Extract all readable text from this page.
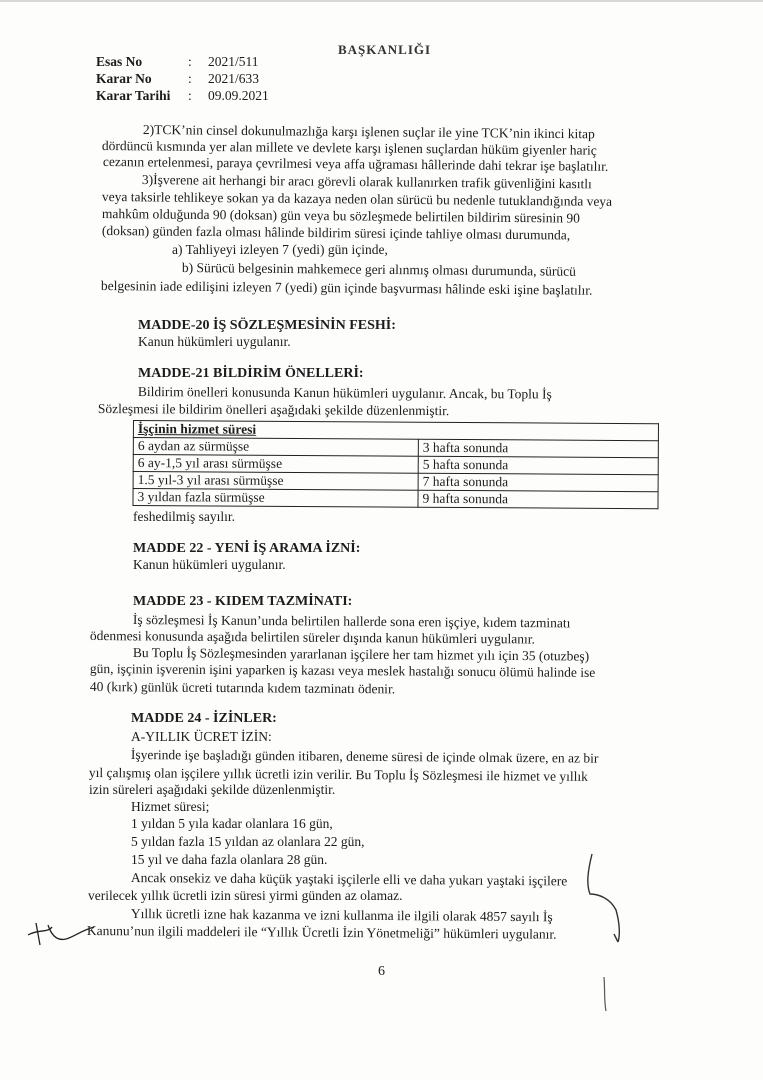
BAŞKANLIĞI
Esas No	: 2021/511
Karar No	: 2021/633
Karar Tarihi : 09.09.2021
2)TCK’nin cinsel dokunulmazlığa karşı işlenen suçlar ile yine TCK’nin ikinci kitap
dördüncü kısmında yer alan millete ve devlete karşı işlenen suçlardan hüküm giyenler hariç
cezanın ertelenmesi, paraya çevrilmesi veya affa uğraması hâllerinde dahi tekrar işe başlatılır.
3)İşverene ait herhangi bir aracı görevli olarak kullanırken trafik güvenliğini kasıtlı
veya taksirle tehlikeye sokan ya da kazaya neden olan sürücü bu nedenle tutuklandığında veya
mahkûm olduğunda 90 (doksan) gün veya bu sözleşmede belirtilen bildirim süresinin 90
(doksan) günden fazla olması hâlinde bildirim süresi içinde tahliye olması durumunda,
a) Tahliyeyi izleyen 7 (yedi) gün içinde,
b) Sürücü belgesinin mahkemece geri alınmış olması durumunda, sürücü
belgesinin iade edilişini izleyen 7 (yedi) gün içinde başvurması hâlinde eski işine başlatılır.
MADDE-20 İŞ SÖZLEŞMESİNİN FESHİ:
Kanun hükümleri uygulanır.
MADDE-21 BİLDİRİM ÖNELLERİ:
Bildirim önelleri konusunda Kanun hükümleri uygulanır. Ancak, bu Toplu İş
Sözleşmesi ile bildirim önelleri aşağıdaki şekilde düzenlenmiştir.
İşçinin hizmet süresi	
6 aydan az sürmüşse	3 hafta sonunda
6 ay-1,5 yıl arası sürmüşse	5 hafta sonunda
1.5 yıl-3 yıl arası sürmüşse	7 hafta sonunda
3 yıldan fazla sürmüşse	9 hafta sonunda
feshedilmiş sayılır.
MADDE 22 - YENİ İŞ ARAMA İZNİ:
Kanun hükümleri uygulanır.
MADDE 23 - KIDEM TAZMİNATI:
İş sözleşmesi İş Kanun’unda belirtilen hallerde sona eren işçiye, kıdem tazminatı
ödenmesi konusunda aşağıda belirtilen süreler dışında kanun hükümleri uygulanır.
Bu Toplu İş Sözleşmesinden yararlanan işçilere her tam hizmet yılı için 35 (otuzbeş)
gün, işçinin işverenin işini yaparken iş kazası veya meslek hastalığı sonucu ölümü halinde ise
40 (kırk) günlük ücreti tutarında kıdem tazminatı ödenir.
MADDE 24 - İZİNLER:
A-YILLIK ÜCRET İZİN:
İşyerinde işe başladığı günden itibaren, deneme süresi de içinde olmak üzere, en az bir
yıl çalışmış olan işçilere yıllık ücretli izin verilir. Bu Toplu İş Sözleşmesi ile hizmet ve yıllık
izin süreleri aşağıdaki şekilde düzenlenmiştir.
Hizmet süresi;
1 yıldan 5 yıla kadar olanlara 16 gün,
5 yıldan fazla 15 yıldan az olanlara 22 gün,
15 yıl ve daha fazla olanlara 28 gün.
Ancak onsekiz ve daha küçük yaştaki işçilerle elli ve daha yukarı yaştaki işçilere
verilecek yıllık ücretli izin süresi yirmi günden az olamaz.
Yıllık ücretli izne hak kazanma ve izni kullanma ile ilgili olarak 4857 sayılı İş
Kanunu’nun ilgili maddeleri ile “Yıllık Ücretli İzin Yönetmeliği” hükümleri uygulanır.
6
